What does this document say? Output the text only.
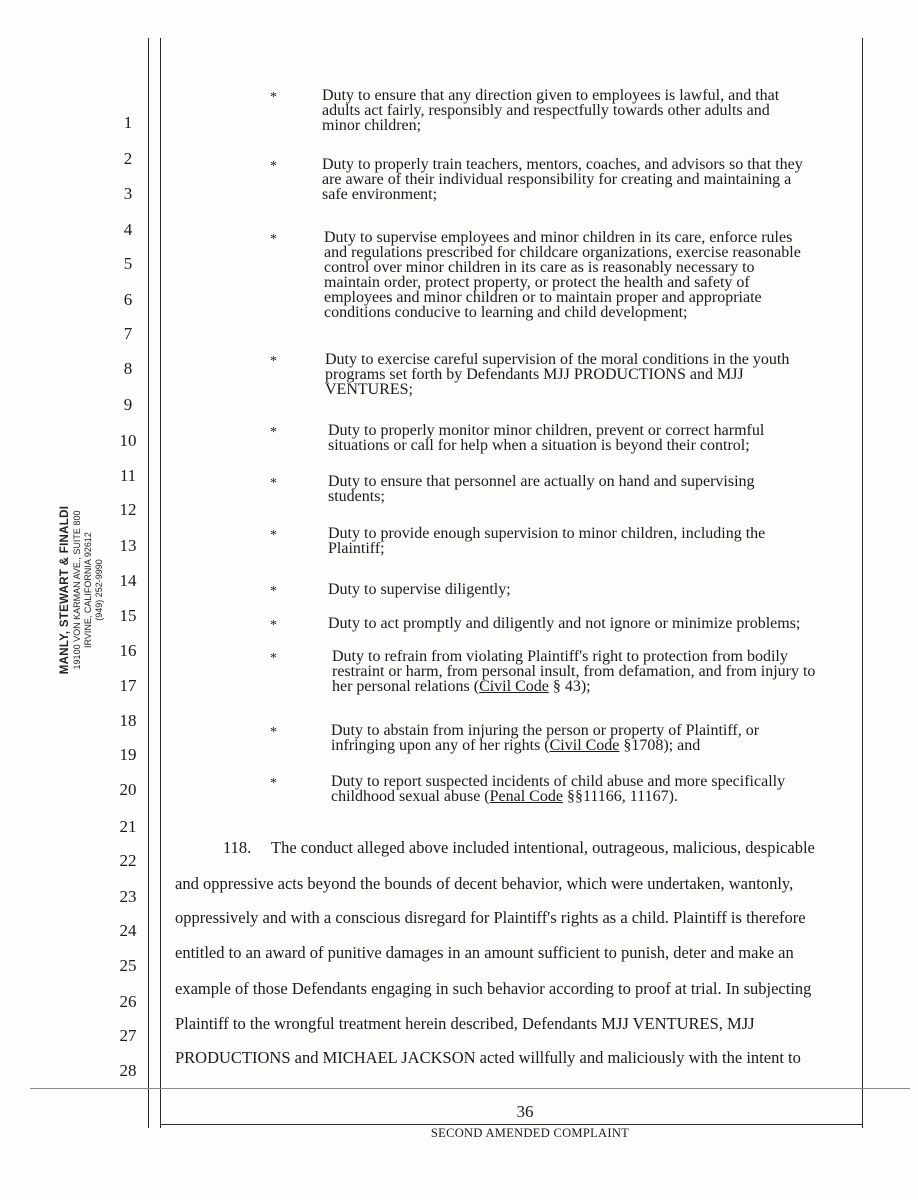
MANLY, STEWART & FINALDI 19100 VON KARMAN AVE., SUITE 800 IRVINE, CALIFORNIA 92612 (949) 252-9990
1
2
3
4
5
6
7
8
9
10
11
12
13
14
15
16
17
18
19
20
21
22
23
24
25
26
27
28
*	Duty to ensure that any direction given to employees is lawful, and that
adults act fairly, responsibly and respectfully towards other adults and
minor children;
*	Duty to properly train teachers, mentors, coaches, and advisors so that they
are aware of their individual responsibility for creating and maintaining a
safe environment;
*	Duty to supervise employees and minor children in its care, enforce rules
and regulations prescribed for childcare organizations, exercise reasonable
control over minor children in its care as is reasonably necessary to
maintain order, protect property, or protect the health and safety of
employees and minor children or to maintain proper and appropriate
conditions conducive to learning and child development;
*	Duty to exercise careful supervision of the moral conditions in the youth
programs set forth by Defendants MJJ PRODUCTIONS and MJJ
VENTURES;
*	Duty to properly monitor minor children, prevent or correct harmful
situations or call for help when a situation is beyond their control;
*	Duty to ensure that personnel are actually on hand and supervising
students;
*	Duty to provide enough supervision to minor children, including the
Plaintiff;
*	Duty to supervise diligently;
*	Duty to act promptly and diligently and not ignore or minimize problems;
*	Duty to refrain from violating Plaintiff's right to protection from bodily
restraint or harm, from personal insult, from defamation, and from injury to
her personal relations (Civil Code § 43);
*	Duty to abstain from injuring the person or property of Plaintiff, or
infringing upon any of her rights (Civil Code §1708); and
*	Duty to report suspected incidents of child abuse and more specifically
childhood sexual abuse (Penal Code §§11166, 11167).
118. The conduct alleged above included intentional, outrageous, malicious, despicable
and oppressive acts beyond the bounds of decent behavior, which were undertaken, wantonly,
oppressively and with a conscious disregard for Plaintiff's rights as a child. Plaintiff is therefore
entitled to an award of punitive damages in an amount sufficient to punish, deter and make an
example of those Defendants engaging in such behavior according to proof at trial. In subjecting
Plaintiff to the wrongful treatment herein described, Defendants MJJ VENTURES, MJJ
PRODUCTIONS and MICHAEL JACKSON acted willfully and maliciously with the intent to
36
SECOND AMENDED COMPLAINT
